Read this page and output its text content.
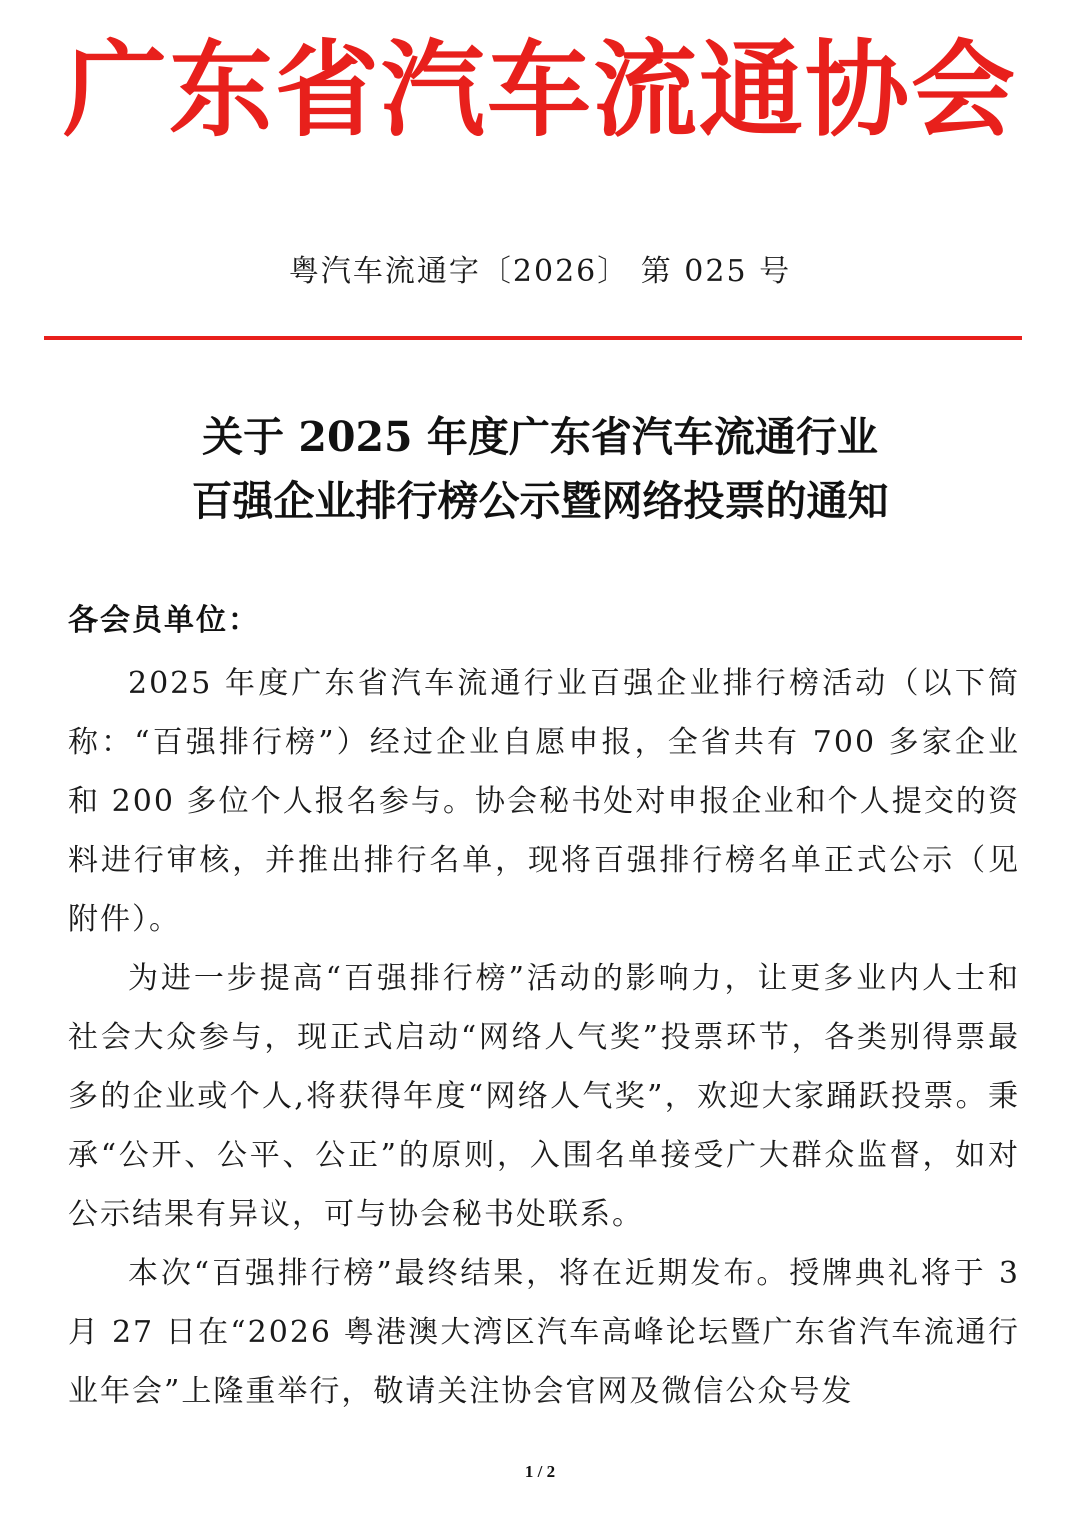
广东省汽车流通协会
粤汽车流通字〔2026〕 第 025 号
关于 2025 年度广东省汽车流通行业
百强企业排行榜公示暨网络投票的通知
各会员单位：

2025 年度广东省汽车流通行业百强企业排行榜活动（以下简称：“百强排行榜”）经过企业自愿申报，全省共有 700 多家企业和 200 多位个人报名参与。协会秘书处对申报企业和个人提交的资料进行审核，并推出排行名单，现将百强排行榜名单正式公示（见附件）。

为进一步提高“百强排行榜”活动的影响力，让更多业内人士和社会大众参与，现正式启动“网络人气奖”投票环节，各类别得票最多的企业或个人,将获得年度“网络人气奖”，欢迎大家踊跃投票。秉承“公开、公平、公正”的原则，入围名单接受广大群众监督，如对公示结果有异议，可与协会秘书处联系。

本次“百强排行榜”最终结果，将在近期发布。授牌典礼将于 3 月 27 日在“2026 粤港澳大湾区汽车高峰论坛暨广东省汽车流通行业年会”上隆重举行，敬请关注协会官网及微信公众号发

1 / 2
